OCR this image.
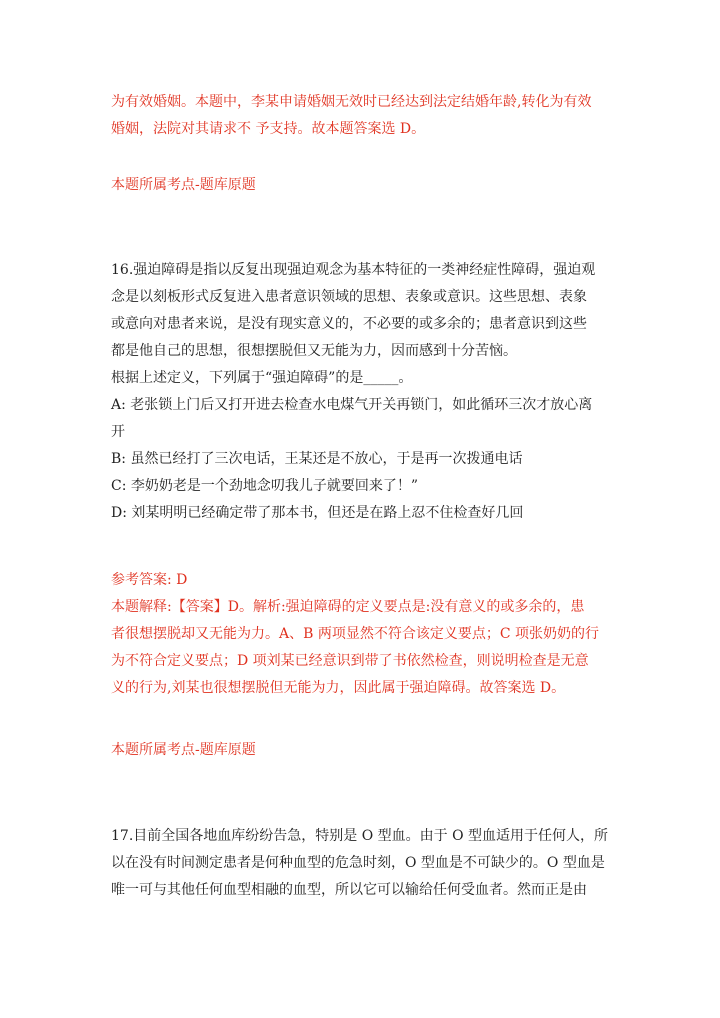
为有效婚姻。本题中，李某申请婚姻无效时已经达到法定结婚年龄,转化为有效
婚姻，法院对其请求不 予支持。故本题答案选 D。
本题所属考点-题库原题
16.强迫障碍是指以反复出现强迫观念为基本特征的一类神经症性障碍，强迫观
念是以刻板形式反复进入患者意识领域的思想、表象或意识。这些思想、表象
或意向对患者来说，是没有现实意义的，不必要的或多余的；患者意识到这些
都是他自己的思想，很想摆脱但又无能为力，因而感到十分苦恼。
根据上述定义，下列属于“强迫障碍”的是_____。
A: 老张锁上门后又打开进去检查水电煤气开关再锁门，如此循环三次才放心离
开
B: 虽然已经打了三次电话，王某还是不放心，于是再一次拨通电话
C: 李奶奶老是一个劲地念叨我儿子就要回来了！”
D: 刘某明明已经确定带了那本书，但还是在路上忍不住检查好几回
参考答案: D
本题解释:【答案】D。解析:强迫障碍的定义要点是:没有意义的或多余的，患
者很想摆脱却又无能为力。A、B 两项显然不符合该定义要点；C 项张奶奶的行
为不符合定义要点；D 项刘某已经意识到带了书依然检查，则说明检查是无意
义的行为,刘某也很想摆脱但无能为力，因此属于强迫障碍。故答案选 D。
本题所属考点-题库原题
17.目前全国各地血库纷纷告急，特别是 O 型血。由于 O 型血适用于任何人，所
以在没有时间测定患者是何种血型的危急时刻，O 型血是不可缺少的。O 型血是
唯一可与其他任何血型相融的血型，所以它可以输给任何受血者。然而正是由
